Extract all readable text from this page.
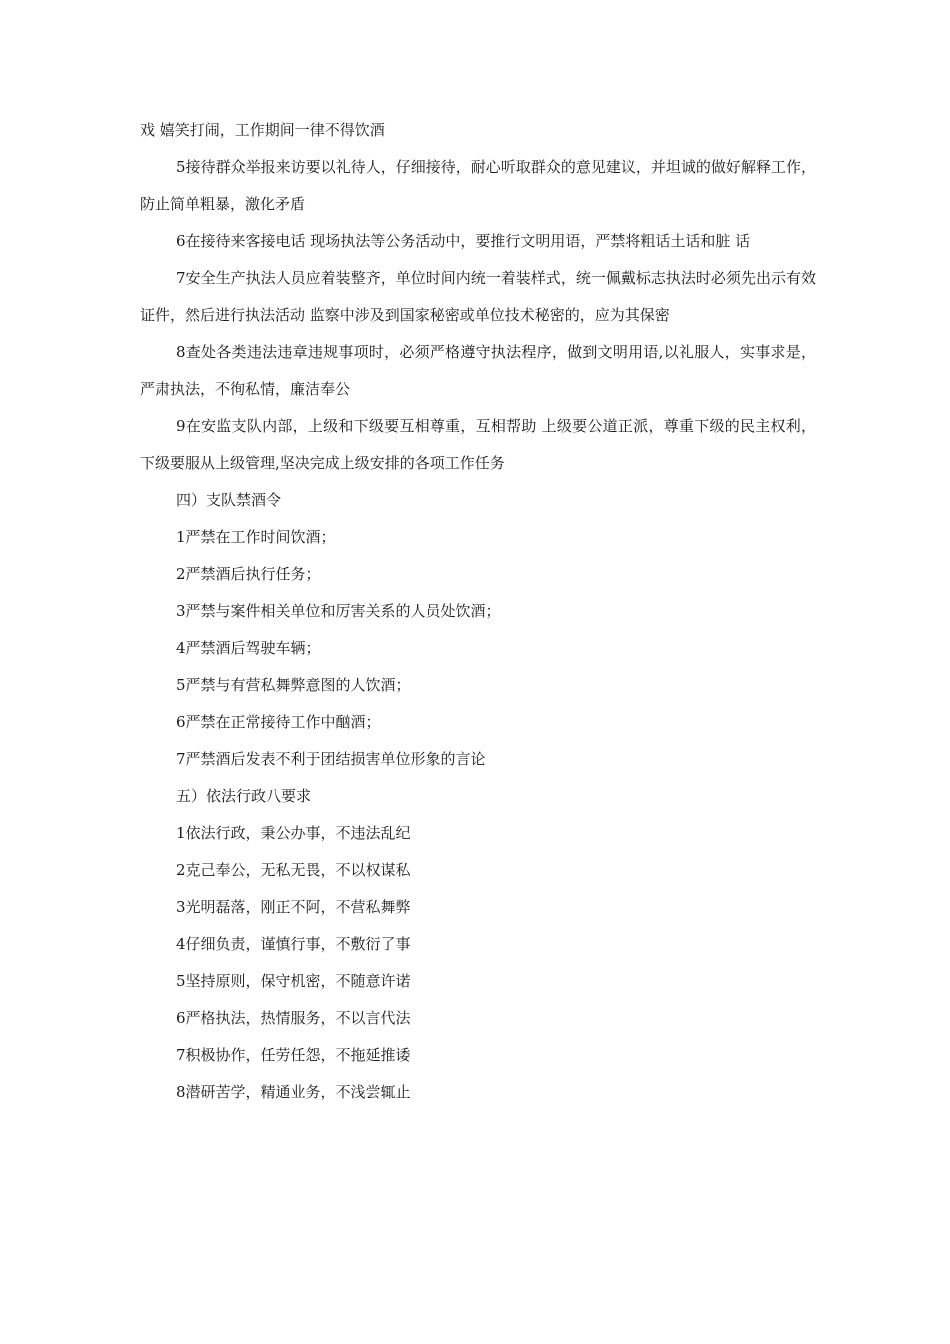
戏 嬉笑打闹，工作期间一律不得饮酒

5接待群众举报来访要以礼待人，仔细接待，耐心听取群众的意见建议，并坦诚的做好解释工作，防止简单粗暴，激化矛盾

6在接待来客接电话 现场执法等公务活动中，要推行文明用语，严禁将粗话土话和脏 话

7安全生产执法人员应着装整齐，单位时间内统一着装样式，统一佩戴标志执法时必须先出示有效证件，然后进行执法活动 监察中涉及到国家秘密或单位技术秘密的，应为其保密

8查处各类违法违章违规事项时，必须严格遵守执法程序，做到文明用语,以礼服人，实事求是，严肃执法，不徇私情，廉洁奉公

9在安监支队内部，上级和下级要互相尊重，互相帮助 上级要公道正派，尊重下级的民主权利，下级要服从上级管理,坚决完成上级安排的各项工作任务

四）支队禁酒令

1严禁在工作时间饮酒；

2严禁酒后执行任务；

3严禁与案件相关单位和厉害关系的人员处饮酒；

4严禁酒后驾驶车辆；

5严禁与有营私舞弊意图的人饮酒；

6严禁在正常接待工作中酗酒；

7严禁酒后发表不利于团结损害单位形象的言论

五）依法行政八要求

1依法行政，秉公办事，不违法乱纪

2克己奉公，无私无畏，不以权谋私

3光明磊落，刚正不阿，不营私舞弊

4仔细负责，谨慎行事，不敷衍了事

5坚持原则，保守机密，不随意许诺

6严格执法，热情服务，不以言代法

7积极协作，任劳任怨，不拖延推诿

8潜研苦学，精通业务，不浅尝辄止
